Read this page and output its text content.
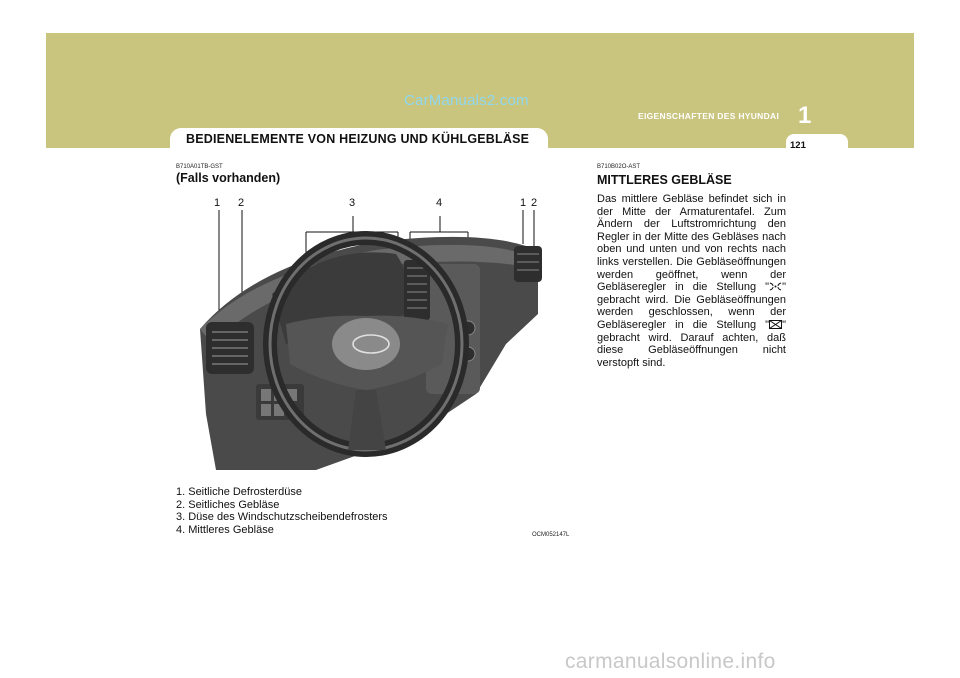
CarManuals2.com
EIGENSCHAFTEN DES HYUNDAI 1
BEDIENELEMENTE VON HEIZUNG UND KÜHLGEBLÄSE	121
B710A01TB-GST
(Falls vorhanden)
1 2	3	4	1 2
1. Seitliche Defrosterdüse
2. Seitliches Gebläse
3. Düse des Windschutzscheibendefrosters
4. Mittleres Gebläse	OCM052147L
B710B02O-AST
MITTLERES GEBLÄSE
Das mittlere Gebläse befindet sich in der Mitte der Armaturentafel. Zum Ändern der Luftstromrichtung den Regler in der Mitte des Gebläses nach oben und unten und von rechts nach links verstellen. Die Gebläseöffnungen werden geöffnet, wenn der Gebläseregler in die Stellung " " gebracht wird. Die Gebläseöffnungen werden geschlossen, wenn der Gebläseregler in die Stellung " " gebracht wird. Darauf achten, daß diese Gebläseöffnungen nicht verstopft sind.
carmanualsonline.info
